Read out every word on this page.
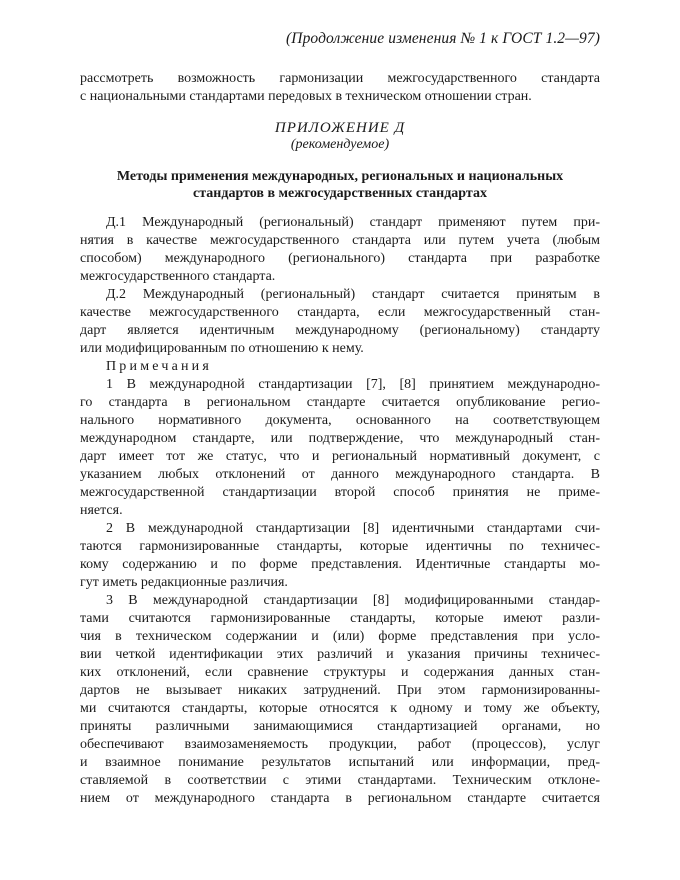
(Продолжение изменения № 1 к ГОСТ 1.2—97)
рассмотреть возможность гармонизации межгосударственного стандарта
с национальными стандартами передовых в техническом отношении стран.
ПРИЛОЖЕНИЕ Д
(рекомендуемое)
Методы применения международных, региональных и национальных
стандартов в межгосударственных стандартах
Д.1 Международный (региональный) стандарт применяют путем при-
нятия в качестве межгосударственного стандарта или путем учета (любым
способом) международного (регионального) стандарта при разработке
межгосударственного стандарта.
Д.2 Международный (региональный) стандарт считается принятым в
качестве межгосударственного стандарта, если межгосударственный стан-
дарт является идентичным международному (региональному) стандарту
или модифицированным по отношению к нему.
Примечания
1 В международной стандартизации [7], [8] принятием международно-
го стандарта в региональном стандарте считается опубликование регио-
нального нормативного документа, основанного на соответствующем
международном стандарте, или подтверждение, что международный стан-
дарт имеет тот же статус, что и региональный нормативный документ, с
указанием любых отклонений от данного международного стандарта. В
межгосударственной стандартизации второй способ принятия не приме-
няется.
2 В международной стандартизации [8] идентичными стандартами счи-
таются гармонизированные стандарты, которые идентичны по техничес-
кому содержанию и по форме представления. Идентичные стандарты мо-
гут иметь редакционные различия.
3 В международной стандартизации [8] модифицированными стандар-
тами считаются гармонизированные стандарты, которые имеют разли-
чия в техническом содержании и (или) форме представления при усло-
вии четкой идентификации этих различий и указания причины техничес-
ких отклонений, если сравнение структуры и содержания данных стан-
дартов не вызывает никаких затруднений. При этом гармонизированны-
ми считаются стандарты, которые относятся к одному и тому же объекту,
приняты различными занимающимися стандартизацией органами, но
обеспечивают взаимозаменяемость продукции, работ (процессов), услуг
и взаимное понимание результатов испытаний или информации, пред-
ставляемой в соответствии с этими стандартами. Техническим отклоне-
нием от международного стандарта в региональном стандарте считается
